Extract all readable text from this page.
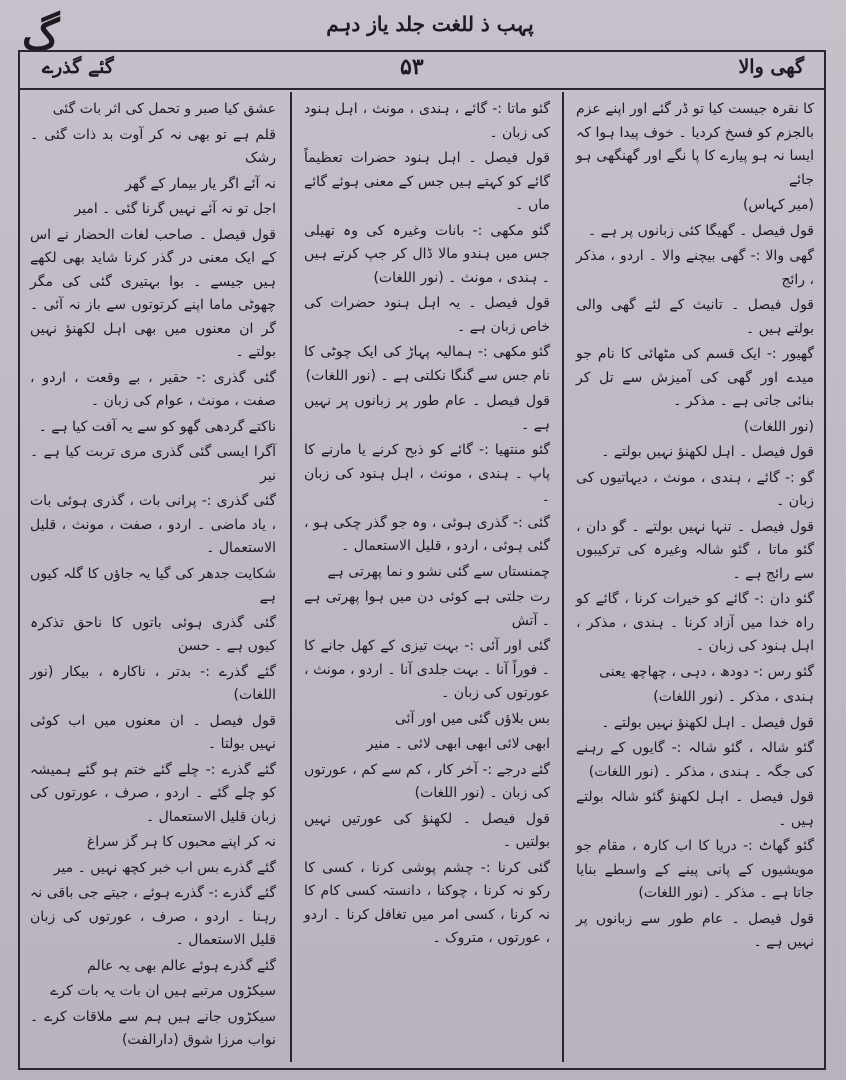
گ	پہب ذ للغت جلد یاز دہم
گئے گذرے	۵۳	گھی والا

کا نقرہ جیست کیا تو ڈر گئے اور اپنے عزم بالجزم کو فسخ کردیا ۔ خوف پیدا ہوا کہ ایسا نہ ہو پیارے کا پا نگے اور گھنگھی ہو جائے

(میر کہاس)

قول فیصل ۔ گھیگا کئی زبانوں پر ہے ۔

گھی والا :- گھی بیچنے والا ۔ اردو ، مذکر ، رائج

قول فیصل ۔ تانیث کے لئے گھی والی بولتے ہیں ۔

گھیور :- ایک قسم کی مٹھائی کا نام جو میدے اور گھی کی آمیزش سے تل کر بنائی جاتی ہے ۔ مذکر ۔

(نور اللغات)

قول فیصل ۔ اہل لکھنؤ نہیں بولتے ۔

گو :- گائے ، ہندی ، مونث ، دیہاتیوں کی زبان ۔

قول فیصل ۔ تنہا نہیں بولتے ۔ گو دان ، گئو ماتا ، گئو شالہ وغیرہ کی ترکیبوں سے رائج ہے ۔

گئو دان :- گائے کو خیرات کرنا ، گائے کو راہ خدا میں آزاد کرنا ۔ ہندی ، مذکر ، اہل ہنود کی زبان ۔

گئو رس :- دودھ ، دہی ، چھاچھ یعنی

ہندی ، مذکر ۔ (نور اللغات)

قول فیصل ۔ اہل لکھنؤ نہیں بولتے ۔

گئو شالہ ، گئو شالہ :- گایوں کے رہنے کی جگہ ۔ ہندی ، مذکر ۔ (نور اللغات)

قول فیصل ۔ اہل لکھنؤ گئو شالہ بولتے ہیں ۔

گئو گھاٹ :- دریا کا اب کارہ ، مقام جو مویشیوں کے پانی پینے کے واسطے بنایا جاتا ہے ۔ مذکر ۔ (نور اللغات)

قول فیصل ۔ عام طور سے زبانوں پر نہیں ہے ۔

گئو ماتا :- گائے ، ہندی ، مونث ، اہل ہنود کی زبان ۔

قول فیصل ۔ اہل ہنود حضرات تعظیماً گائے کو کہتے ہیں جس کے معنی ہوئے گائے ماں ۔

گئو مکھی :- بانات وغیرہ کی وہ تھیلی جس میں ہندو مالا ڈال کر جپ کرتے ہیں ۔ ہندی ، مونث ۔ (نور اللغات)

قول فیصل ۔ یہ اہل ہنود حضرات کی خاص زبان ہے ۔

گئو مکھی :- ہمالیہ پہاڑ کی ایک چوٹی کا نام جس سے گنگا نکلتی ہے ۔ (نور اللغات)

قول فیصل ۔ عام طور پر زبانوں پر نہیں ہے ۔

گئو منتھیا :- گائے کو ذبح کرنے یا مارنے کا پاپ ۔ ہندی ، مونث ، اہل ہنود کی زبان ۔

گئی :- گذری ہوئی ، وہ جو گذر چکی ہو ، گئی ہوئی ، اردو ، قلیل الاستعمال ۔

چمنستاں سے گئی نشو و نما پھرتی ہے

رت جلتی ہے کوئی دن میں ہوا پھرتی ہے ۔ آتش

گئی اور آئی :- بہت تیزی کے کھل جانے کا ۔ فوراً آنا ۔ بہت جلدی آنا ۔ اردو ، مونث ، عورتوں کی زبان ۔

بس بلاؤں گئی میں اور آئی

ابھی لائی ابھی ابھی لائی ۔ منیر

گئے درجے :- آخر کار ، کم سے کم ، عورتوں کی زبان ۔ (نور اللغات)

قول فیصل ۔ لکھنؤ کی عورتیں نہیں بولتیں ۔

گئی کرنا :- چشم پوشی کرنا ، کسی کا رکو نہ کرنا ، چوکنا ، دانستہ کسی کام کا نہ کرنا ، کسی امر میں تغافل کرنا ۔ اردو ، عورتوں ، متروک ۔

عشق کیا صبر و تحمل کی اثر بات گئی

قلم ہے تو بھی نہ کر آوت بد ذات گئی ۔ رشک

نہ آئے اگر یار بیمار کے گھر

اجل تو نہ آئے نہیں گرنا گئی ۔ امیر

قول فیصل ۔ صاحب لغات الحضار نے اس کے ایک معنی در گذر کرنا شاید بھی لکھے ہیں جیسے ۔ بوا بہتیری گئی کی مگر چھوٹی ماما اپنے کرتوتوں سے باز نہ آئی ۔ گر ان معنوں میں بھی اہل لکھنؤ نہیں بولتے ۔

گئی گذری :- حقیر ، بے وقعت ، اردو ، صفت ، مونث ، عوام کی زبان ۔

ناکتے گردھی گھو کو سے یہ آفت کیا ہے ۔

آگرا ایسی گئی گذری مری تربت کیا ہے ۔ نیر

گئی گذری :- پرانی بات ، گذری ہوئی بات ، یاد ماضی ۔ اردو ، صفت ، مونث ، قلیل الاستعمال ۔

شکایت جدھر کی گیا یہ جاؤں کا گلہ کیوں ہے

گئی گذری ہوئی باتوں کا ناحق تذکرہ کیوں ہے ۔ حسن

گئے گذرے :- بدتر ، ناکارہ ، بیکار (نور اللغات)

قول فیصل ۔ ان معنوں میں اب کوئی نہیں بولتا ۔

گئے گذرے :- چلے گئے ختم ہو گئے ہمیشہ کو چلے گئے ۔ اردو ، صرف ، عورتوں کی زبان قلیل الاستعمال ۔

نہ کر اپنے محبوں کا ہر گز سراغ

گئے گذرے بس اب خبر کچھ نہیں ۔ میر

گئے گذرے :- گذرے ہوئے ، جیتے جی باقی نہ رہنا ۔ اردو ، صرف ، عورتوں کی زبان قلیل الاستعمال ۔

گئے گذرے ہوئے عالم بھی یہ عالم

سیکڑوں مرتبے ہیں ان بات یہ بات کرے

سیکڑوں جانے ہیں ہم سے ملاقات کرے ۔ نواب مرزا شوق (دارالفت)
